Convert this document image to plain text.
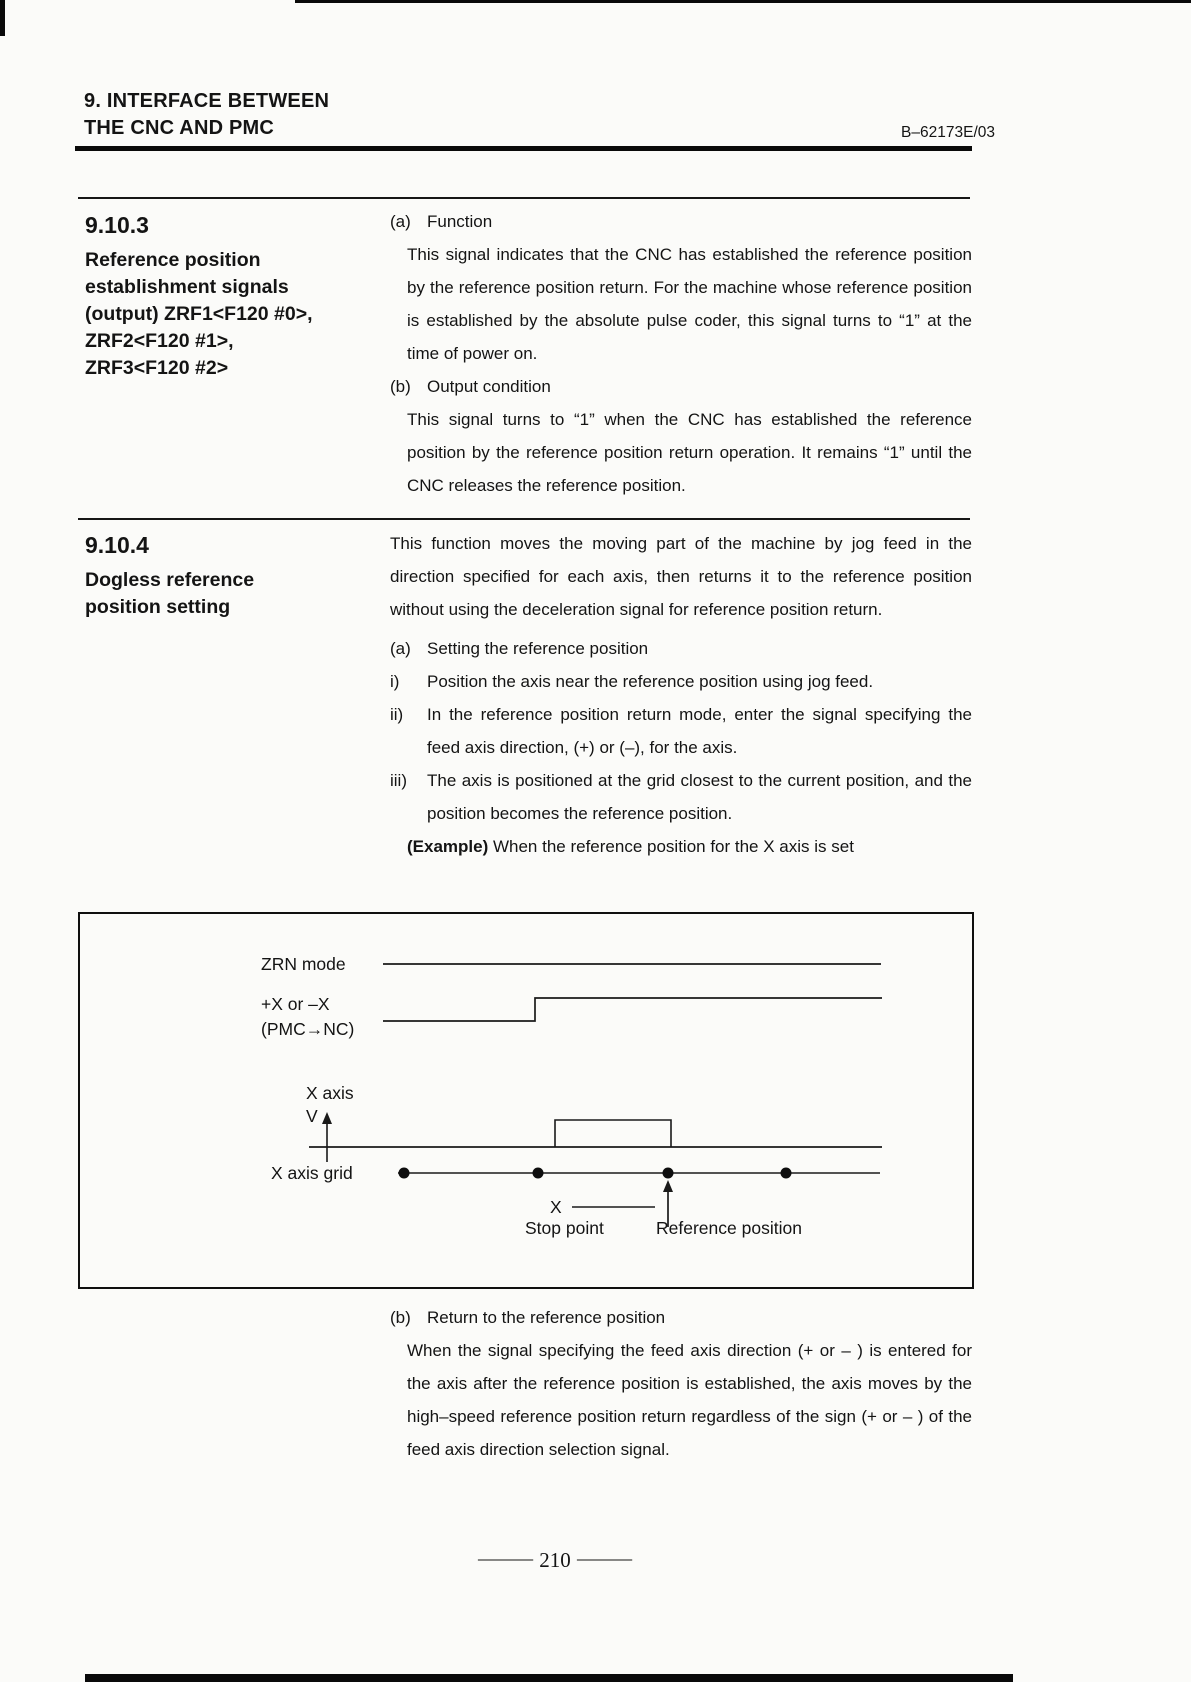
9. INTERFACE BETWEEN
THE CNC AND PMC	B–62173E/03
9.10.3
Reference position
establishment signals
(output) ZRF1<F120 #0>,
ZRF2<F120 #1>,
ZRF3<F120 #2>
(a) Function

This signal indicates that the CNC has established the reference position by the reference position return. For the machine whose reference position is established by the absolute pulse coder, this signal turns to “1” at the time of power on.

(b) Output condition

This signal turns to “1” when the CNC has established the reference position by the reference position return operation. It remains “1” until the CNC releases the reference position.

9.10.4
Dogless reference
position setting

This function moves the moving part of the machine by jog feed in the direction specified for each axis, then returns it to the reference position without using the deceleration signal for reference position return.

(a) Setting the reference position
i)	Position the axis near the reference position using jog feed.
ii)	In the reference position return mode, enter the signal specifying the feed axis direction, (+) or (–), for the axis.
iii)	The axis is positioned at the grid closest to the current position, and the position becomes the reference position.
(Example) When the reference position for the X axis is set
ZRN mode
+X or –X
(PMC→NC)
X axis
V
X axis grid
X
Stop point	Reference position
(b) Return to the reference position

When the signal specifying the feed axis direction (+ or – ) is entered for the axis after the reference position is established, the axis moves by the high–speed reference position return regardless of the sign (+ or – ) of the feed axis direction selection signal.

— 210 —
